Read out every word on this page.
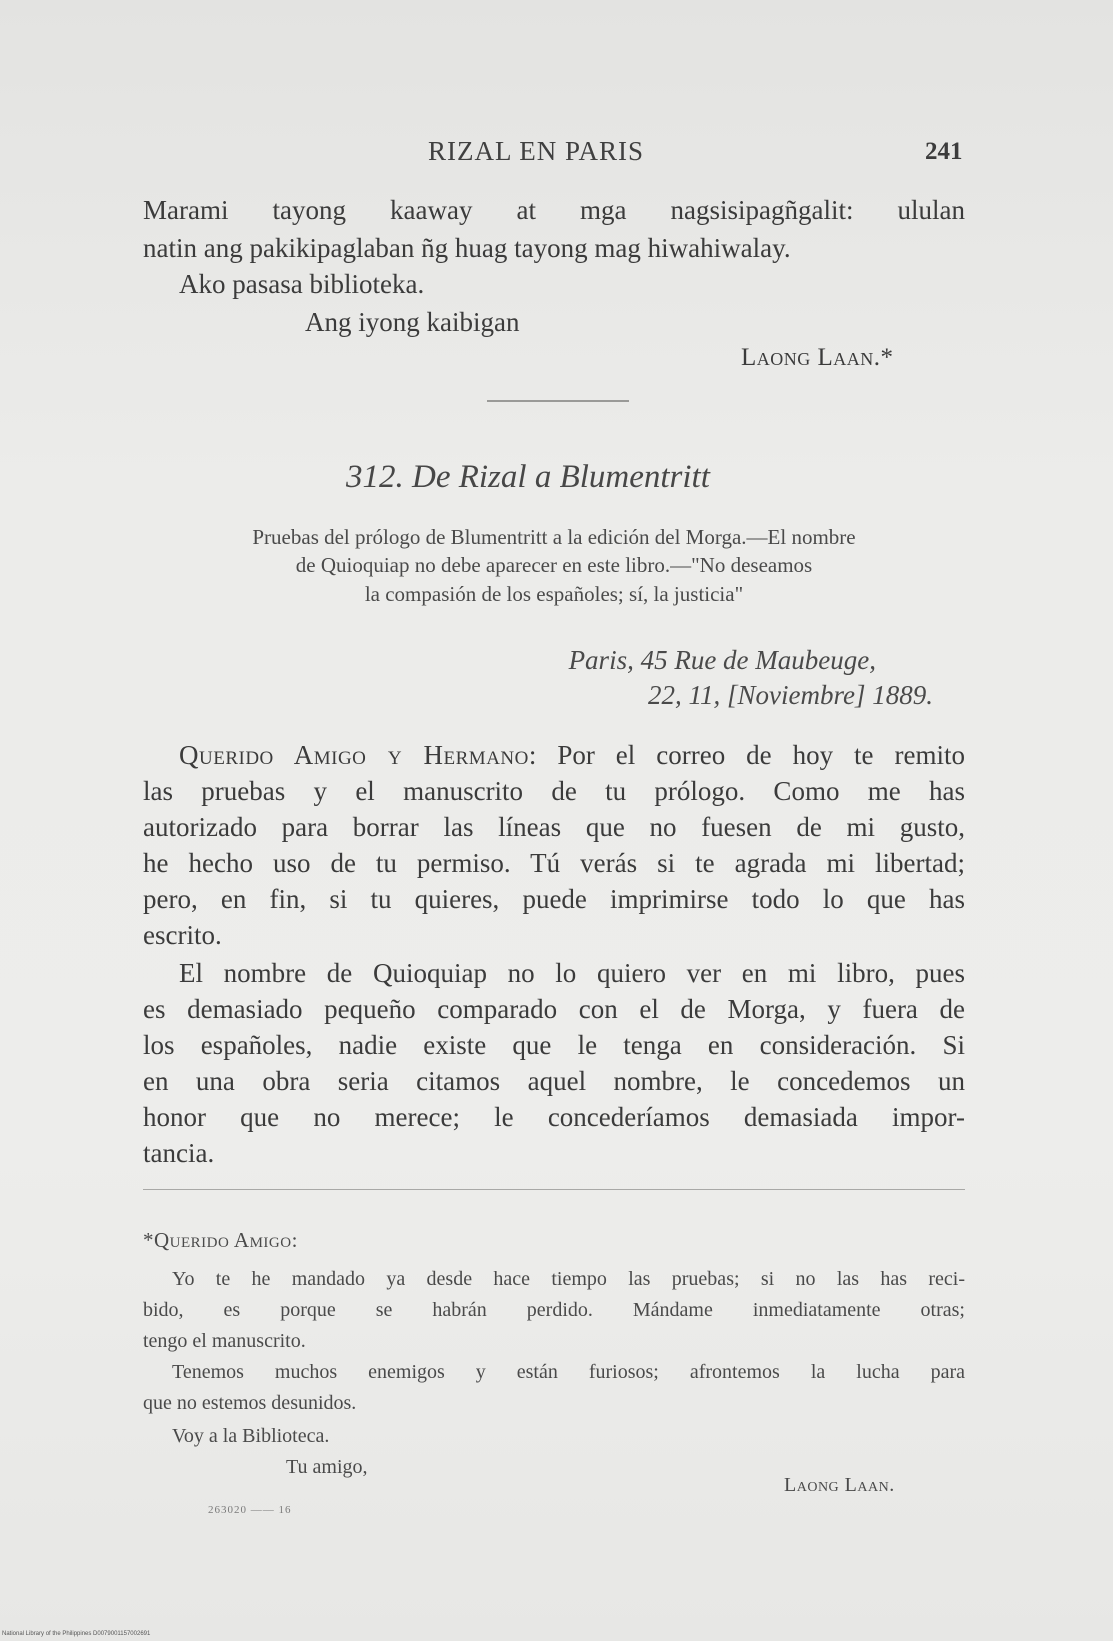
RIZAL EN PARIS	241
Marami tayong kaaway at mga nagsisipagñgalit: ululan
natin ang pakikipaglaban ñg huag tayong mag hiwahiwalay.
Ako pasasa biblioteka.
Ang iyong kaibigan
Laong Laan.*
312. De Rizal a Blumentritt
Pruebas del prólogo de Blumentritt a la edición del Morga.—El nombre
de Quioquiap no debe aparecer en este libro.—"No deseamos
la compasión de los españoles; sí, la justicia"
Paris, 45 Rue de Maubeuge,
22, 11, [Noviembre] 1889.
Querido Amigo y Hermano: Por el correo de hoy te remito
las pruebas y el manuscrito de tu prólogo. Como me has
autorizado para borrar las líneas que no fuesen de mi gusto,
he hecho uso de tu permiso. Tú verás si te agrada mi libertad;
pero, en fin, si tu quieres, puede imprimirse todo lo que has
escrito.
El nombre de Quioquiap no lo quiero ver en mi libro, pues
es demasiado pequeño comparado con el de Morga, y fuera de
los españoles, nadie existe que le tenga en consideración. Si
en una obra seria citamos aquel nombre, le concedemos un
honor que no merece; le concederíamos demasiada impor-
tancia.
*Querido Amigo:
Yo te he mandado ya desde hace tiempo las pruebas; si no las has reci-
bido, es porque se habrán perdido. Mándame inmediatamente otras;
tengo el manuscrito.
Tenemos muchos enemigos y están furiosos; afrontemos la lucha para
que no estemos desunidos.
Voy a la Biblioteca.
Tu amigo,
Laong Laan.
263020 —— 16
National Library of the Philippines D0079001157002691
